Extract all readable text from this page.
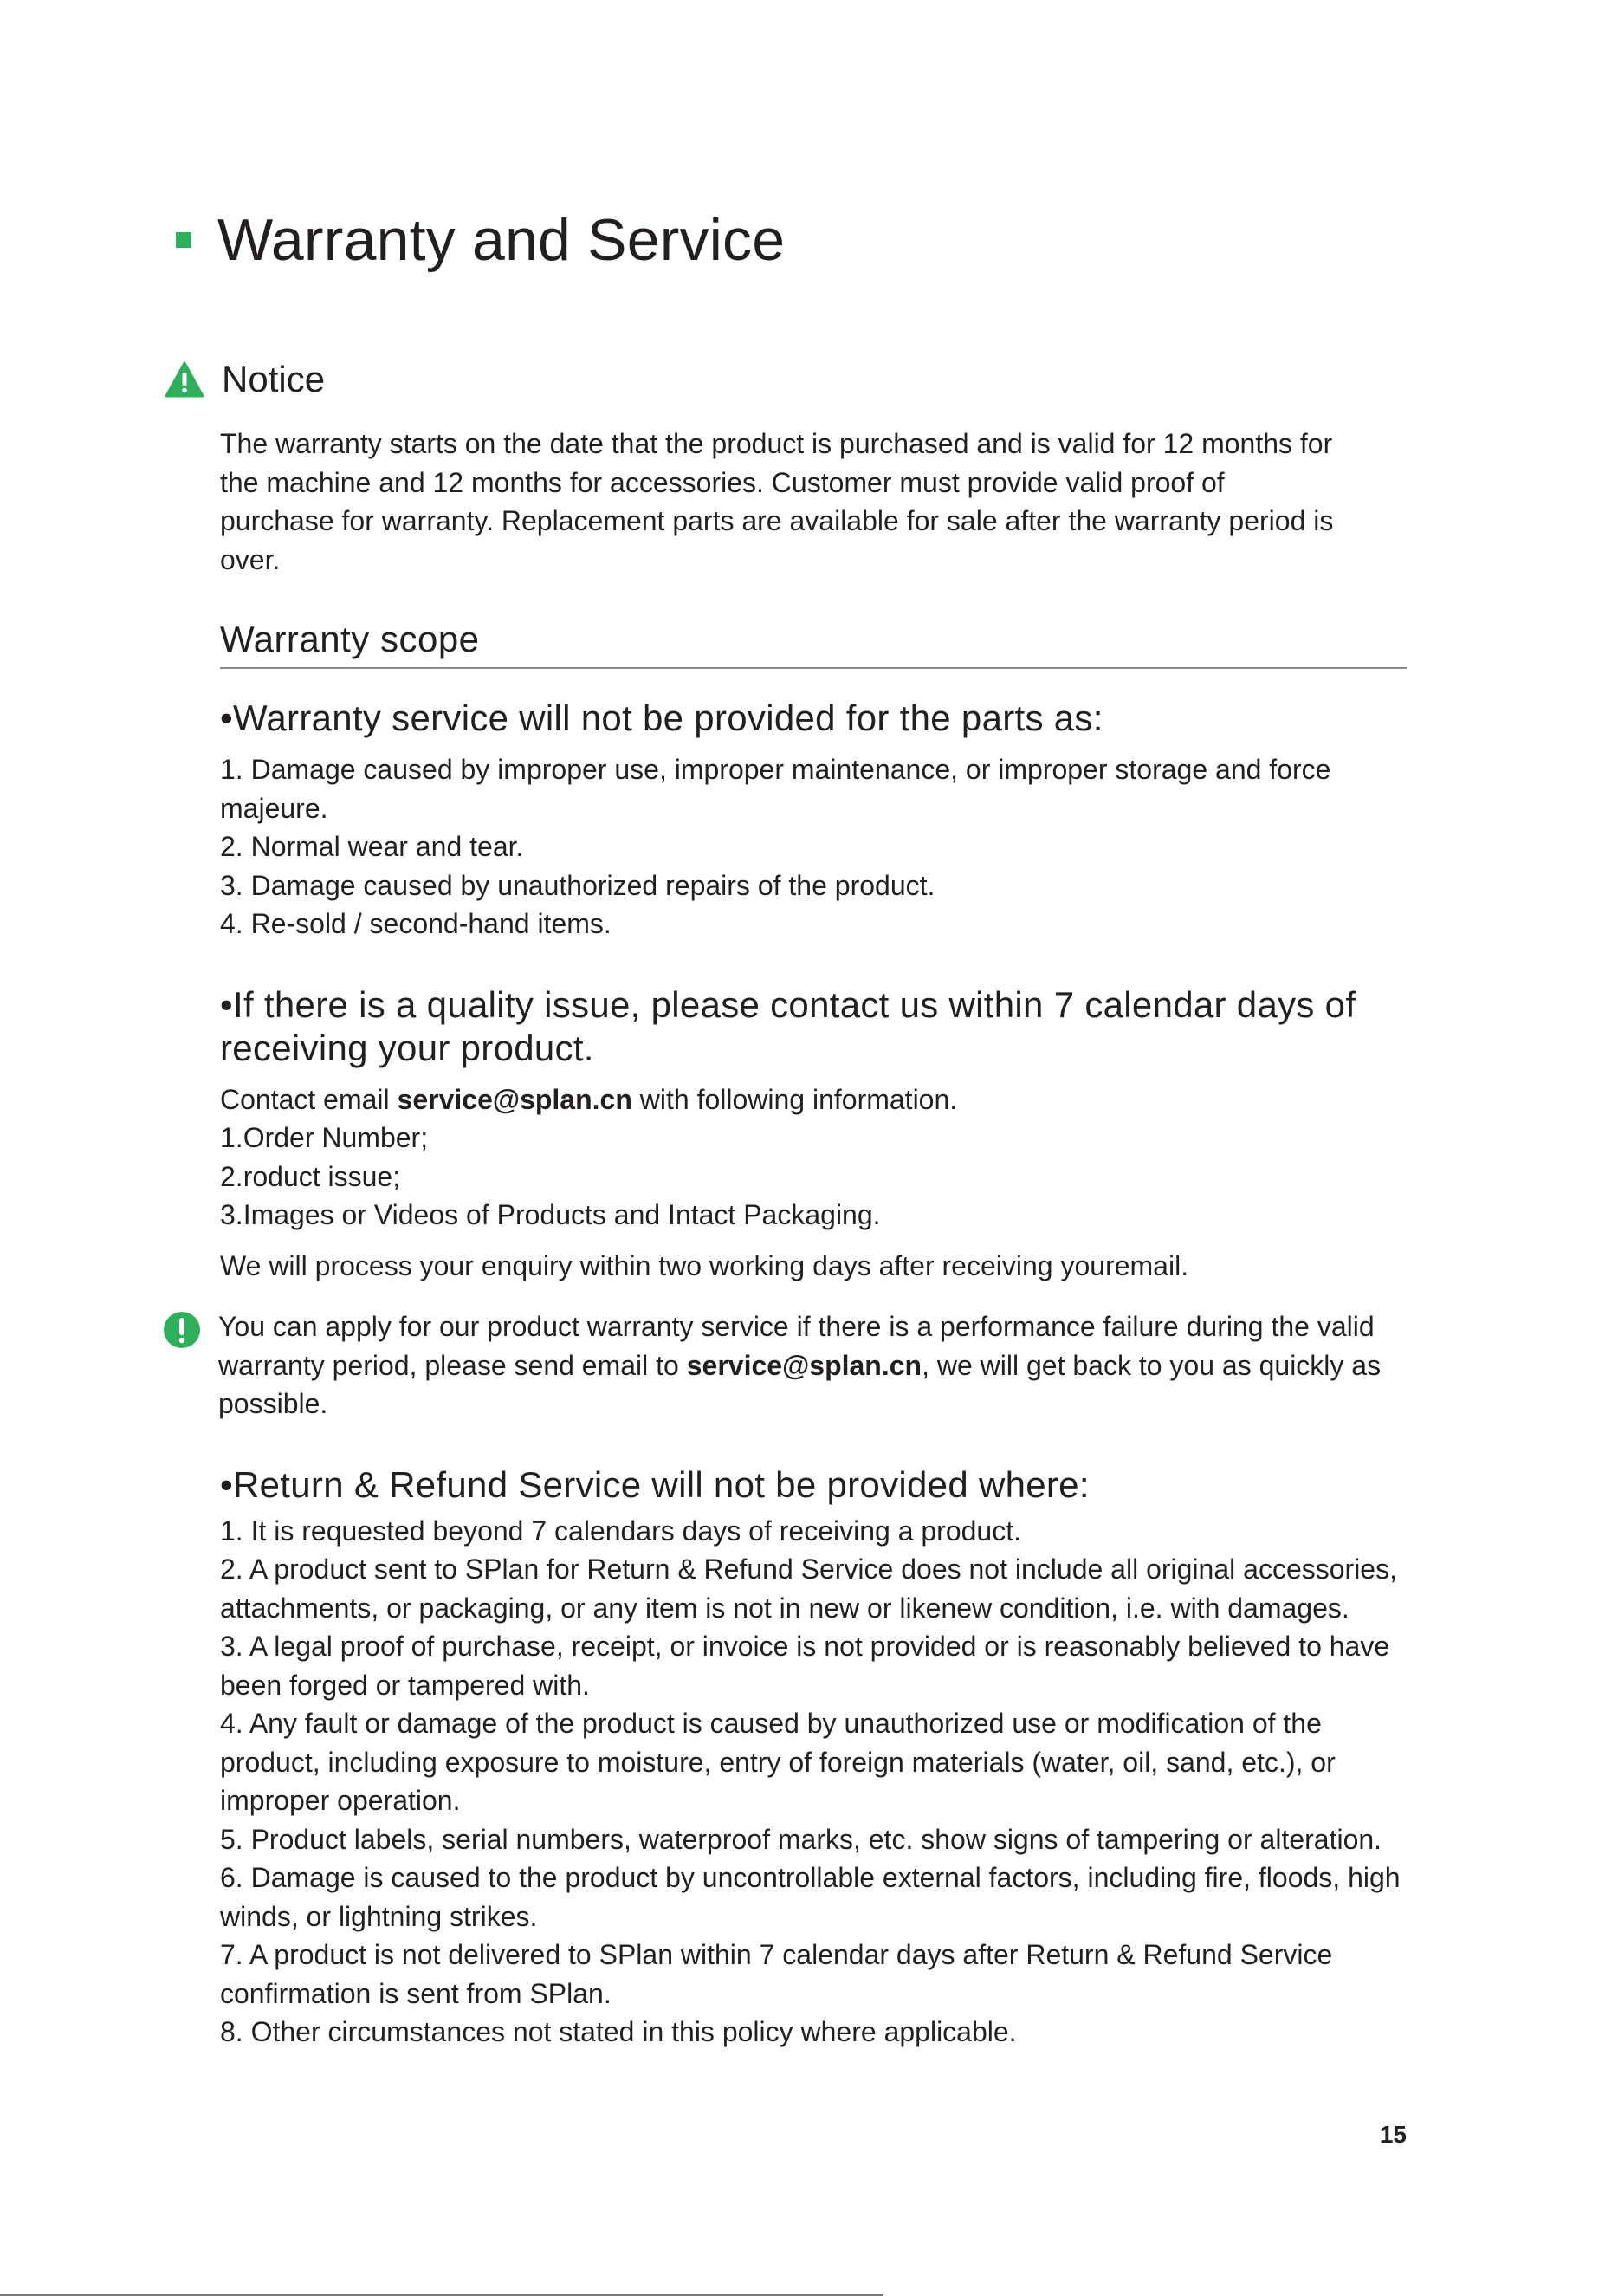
Warranty and Service
Notice

The warranty starts on the date that the product is purchased and is valid for 12 months for the machine and 12 months for accessories. Customer must provide valid proof of purchase for warranty. Replacement parts are available for sale after the warranty period is over.

Warranty scope
•Warranty service will not be provided for the parts as:
1. Damage caused by improper use, improper maintenance, or improper storage and force majeure.
2. Normal wear and tear.
3. Damage caused by unauthorized repairs of the product.
4. Re-sold / second-hand items.
•If there is a quality issue, please contact us within 7 calendar days of receiving your product.

Contact email service@splan.cn with following information.

1.Order Number;
2.roduct issue;
3.Images or Videos of Products and Intact Packaging.

We will process your enquiry within two working days after receiving youremail.

You can apply for our product warranty service if there is a performance failure during the valid warranty period, please send email to service@splan.cn, we will get back to you as quickly as possible.

•Return & Refund Service will not be provided where:
1. It is requested beyond 7 calendars days of receiving a product.
2. A product sent to SPlan for Return & Refund Service does not include all original accessories, attachments, or packaging, or any item is not in new or likenew condition, i.e. with damages.
3. A legal proof of purchase, receipt, or invoice is not provided or is reasonably believed to have been forged or tampered with.
4. Any fault or damage of the product is caused by unauthorized use or modification of the product, including exposure to moisture, entry of foreign materials (water, oil, sand, etc.), or improper operation.
5. Product labels, serial numbers, waterproof marks, etc. show signs of tampering or alteration.
6. Damage is caused to the product by uncontrollable external factors, including fire, floods, high winds, or lightning strikes.
7. A product is not delivered to SPlan within 7 calendar days after Return & Refund Service confirmation is sent from SPlan.
8. Other circumstances not stated in this policy where applicable.
15
